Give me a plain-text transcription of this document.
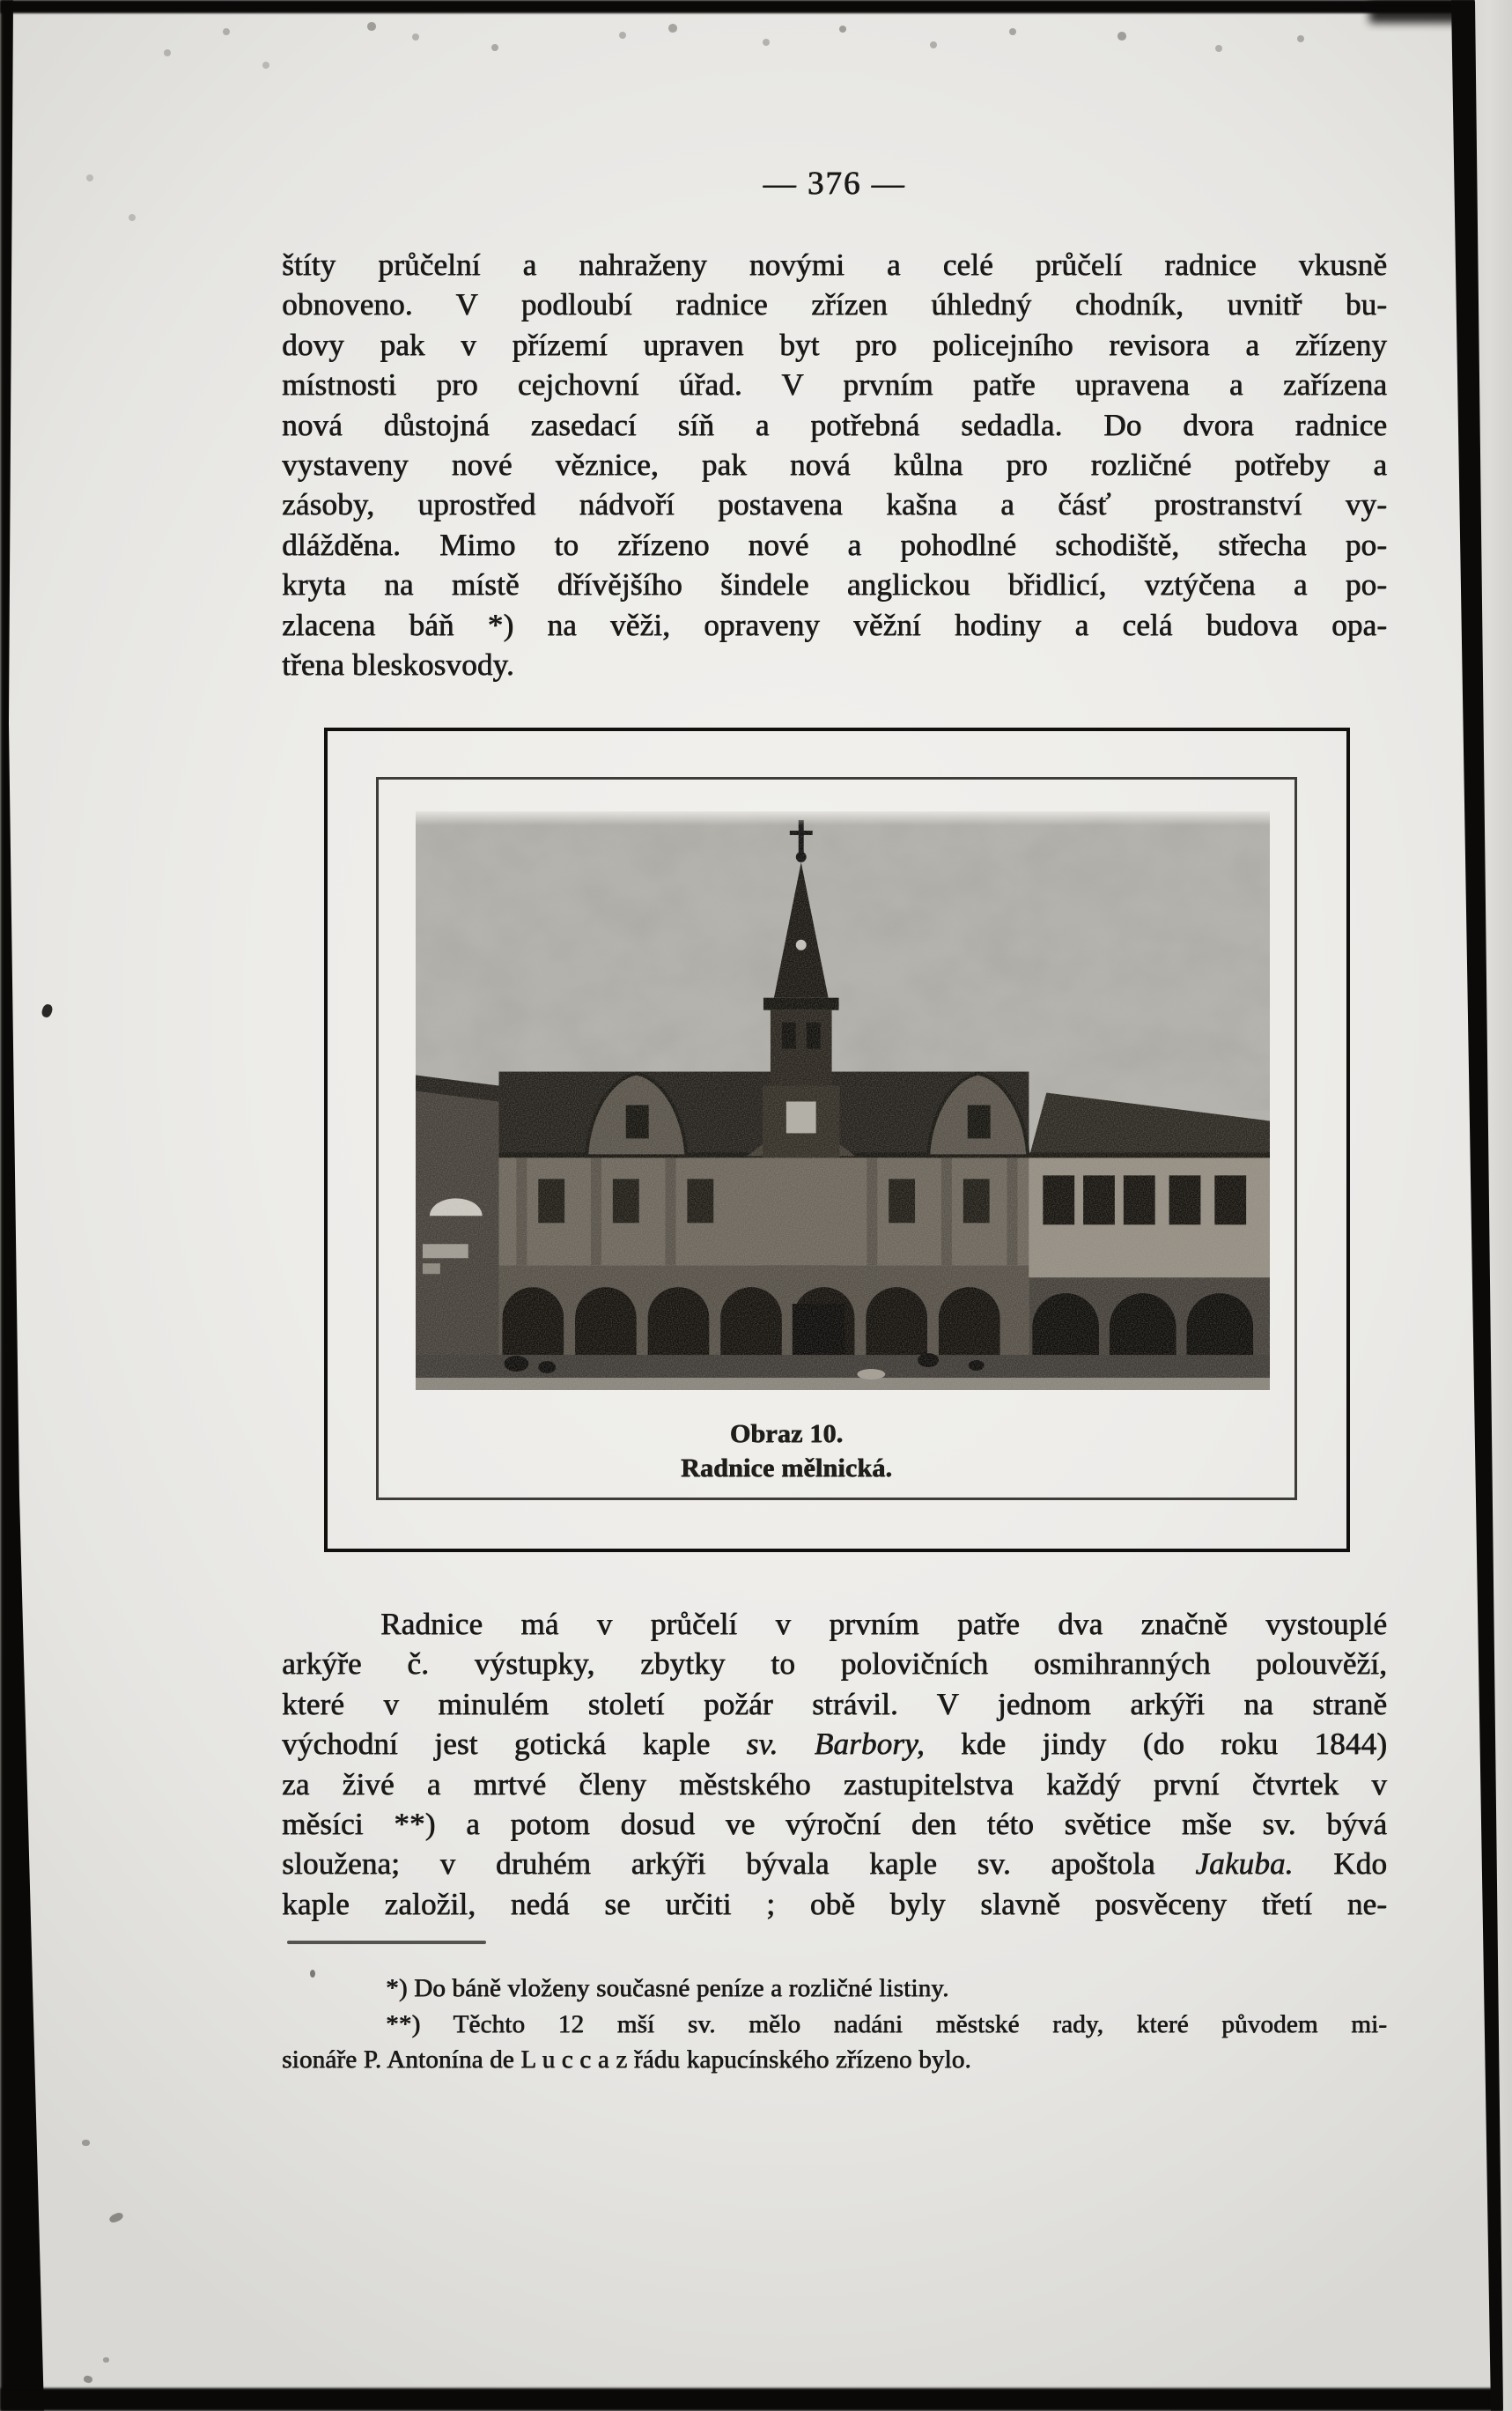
— 376 —
štíty průčelní a nahraženy novými a celé průčelí radnice vkusně
obnoveno. V podloubí radnice zřízen úhledný chodník, uvnitř bu-
dovy pak v přízemí upraven byt pro policejního revisora a zřízeny
místnosti pro cejchovní úřad. V prvním patře upravena a zařízena
nová důstojná zasedací síň a potřebná sedadla. Do dvora radnice
vystaveny nové věznice, pak nová kůlna pro rozličné potřeby a
zásoby, uprostřed nádvoří postavena kašna a čásť prostranství vy-
dlážděna. Mimo to zřízeno nové a pohodlné schodiště, střecha po-
kryta na místě dřívějšího šindele anglickou břidlicí, vztýčena a po-
zlacena báň *) na věži, opraveny věžní hodiny a celá budova opa-
třena bleskosvody.
Obraz 10.
Radnice mělnická.
Radnice má v průčelí v prvním patře dva značně vystouplé
arkýře č. výstupky, zbytky to polovičních osmihranných polouvěží,
které v minulém století požár strávil. V jednom arkýři na straně
východní jest gotická kaple sv. Barbory, kde jindy (do roku 1844)
za živé a mrtvé členy městského zastupitelstva každý první čtvrtek v
měsíci **) a potom dosud ve výroční den této světice mše sv. bývá
sloužena; v druhém arkýři bývala kaple sv. apoštola Jakuba. Kdo
kaple založil, nedá se určiti ; obě byly slavně posvěceny třetí ne-
*) Do báně vloženy současné peníze a rozličné listiny.
**) Těchto 12 mší sv. mělo nadáni městské rady, které původem mi-
sionáře P. Antonína de L u c c a z řádu kapucínského zřízeno bylo.
